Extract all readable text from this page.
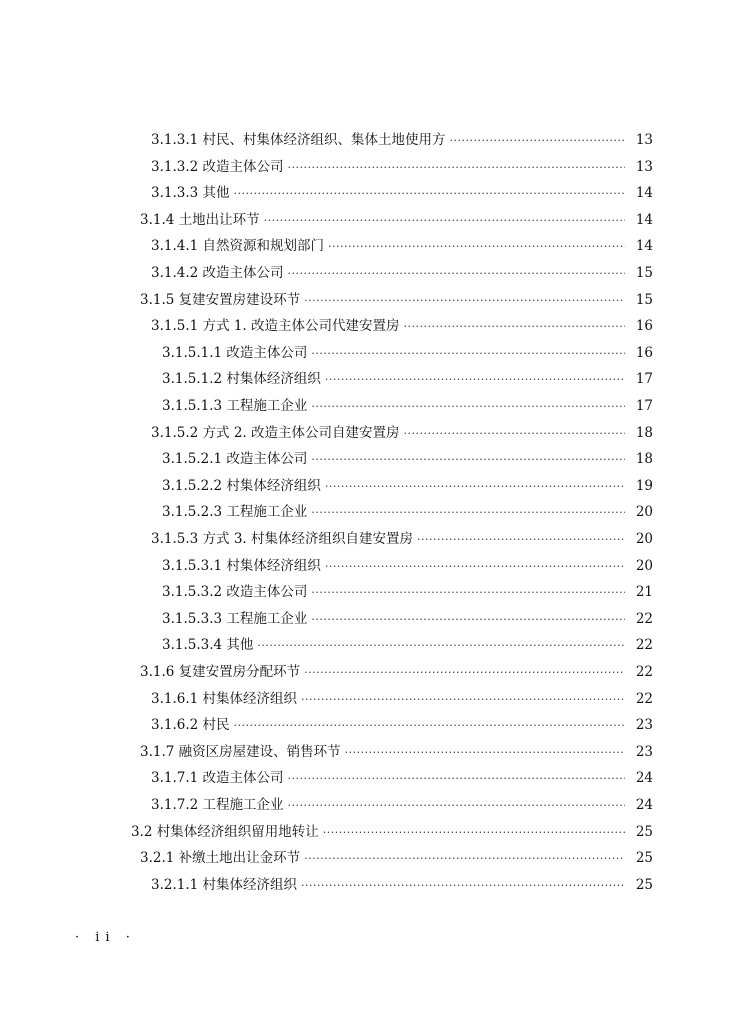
3.1.3.1 村民、村集体经济组织、集体土地使用方 ·····	13
3.1.3.2 改造主体公司 ·····	13
3.1.3.3 其他 ·····	14
3.1.4 土地出让环节 ·····	14
3.1.4.1 自然资源和规划部门 ·····	14
3.1.4.2 改造主体公司 ·····	15
3.1.5 复建安置房建设环节 ·····	15
3.1.5.1 方式 1. 改造主体公司代建安置房 ·····	16
3.1.5.1.1 改造主体公司 ·····	16
3.1.5.1.2 村集体经济组织 ·····	17
3.1.5.1.3 工程施工企业 ·····	17
3.1.5.2 方式 2. 改造主体公司自建安置房 ·····	18
3.1.5.2.1 改造主体公司 ·····	18
3.1.5.2.2 村集体经济组织 ·····	19
3.1.5.2.3 工程施工企业 ·····	20
3.1.5.3 方式 3. 村集体经济组织自建安置房 ·····	20
3.1.5.3.1 村集体经济组织 ·····	20
3.1.5.3.2 改造主体公司 ·····	21
3.1.5.3.3 工程施工企业 ·····	22
3.1.5.3.4 其他 ·····	22
3.1.6 复建安置房分配环节 ·····	22
3.1.6.1 村集体经济组织 ·····	22
3.1.6.2 村民 ·····	23
3.1.7 融资区房屋建设、销售环节 ·····	23
3.1.7.1 改造主体公司 ·····	24
3.1.7.2 工程施工企业 ·····	24
3.2 村集体经济组织留用地转让 ·····	25
3.2.1 补缴土地出让金环节 ·····	25
3.2.1.1 村集体经济组织 ·····	25
· ii ·
